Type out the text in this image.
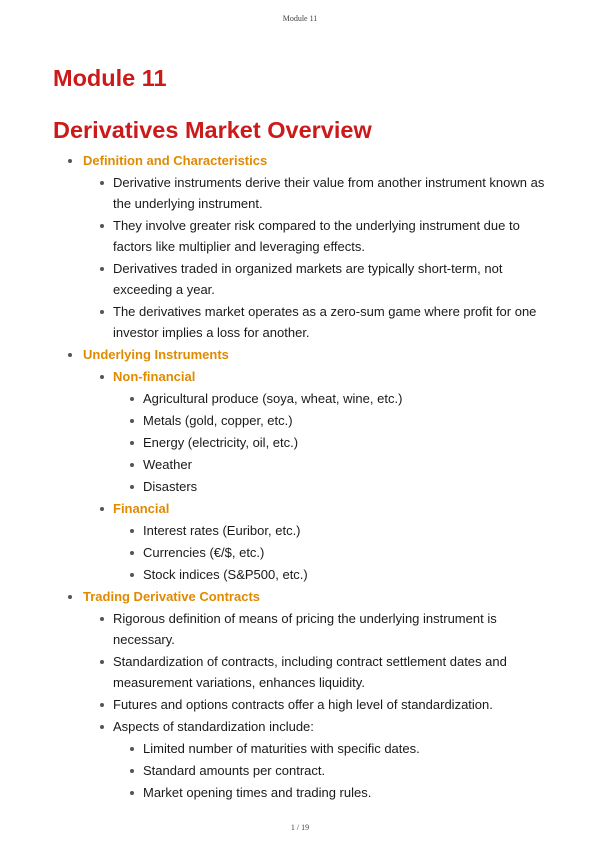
Module 11
Module 11
Derivatives Market Overview
Definition and Characteristics
Derivative instruments derive their value from another instrument known as the underlying instrument.
They involve greater risk compared to the underlying instrument due to factors like multiplier and leveraging effects.
Derivatives traded in organized markets are typically short-term, not exceeding a year.
The derivatives market operates as a zero-sum game where profit for one investor implies a loss for another.
Underlying Instruments
Non-financial
Agricultural produce (soya, wheat, wine, etc.)
Metals (gold, copper, etc.)
Energy (electricity, oil, etc.)
Weather
Disasters
Financial
Interest rates (Euribor, etc.)
Currencies (€/$, etc.)
Stock indices (S&P500, etc.)
Trading Derivative Contracts
Rigorous definition of means of pricing the underlying instrument is necessary.
Standardization of contracts, including contract settlement dates and measurement variations, enhances liquidity.
Futures and options contracts offer a high level of standardization.
Aspects of standardization include:
Limited number of maturities with specific dates.
Standard amounts per contract.
Market opening times and trading rules.
1 / 19
